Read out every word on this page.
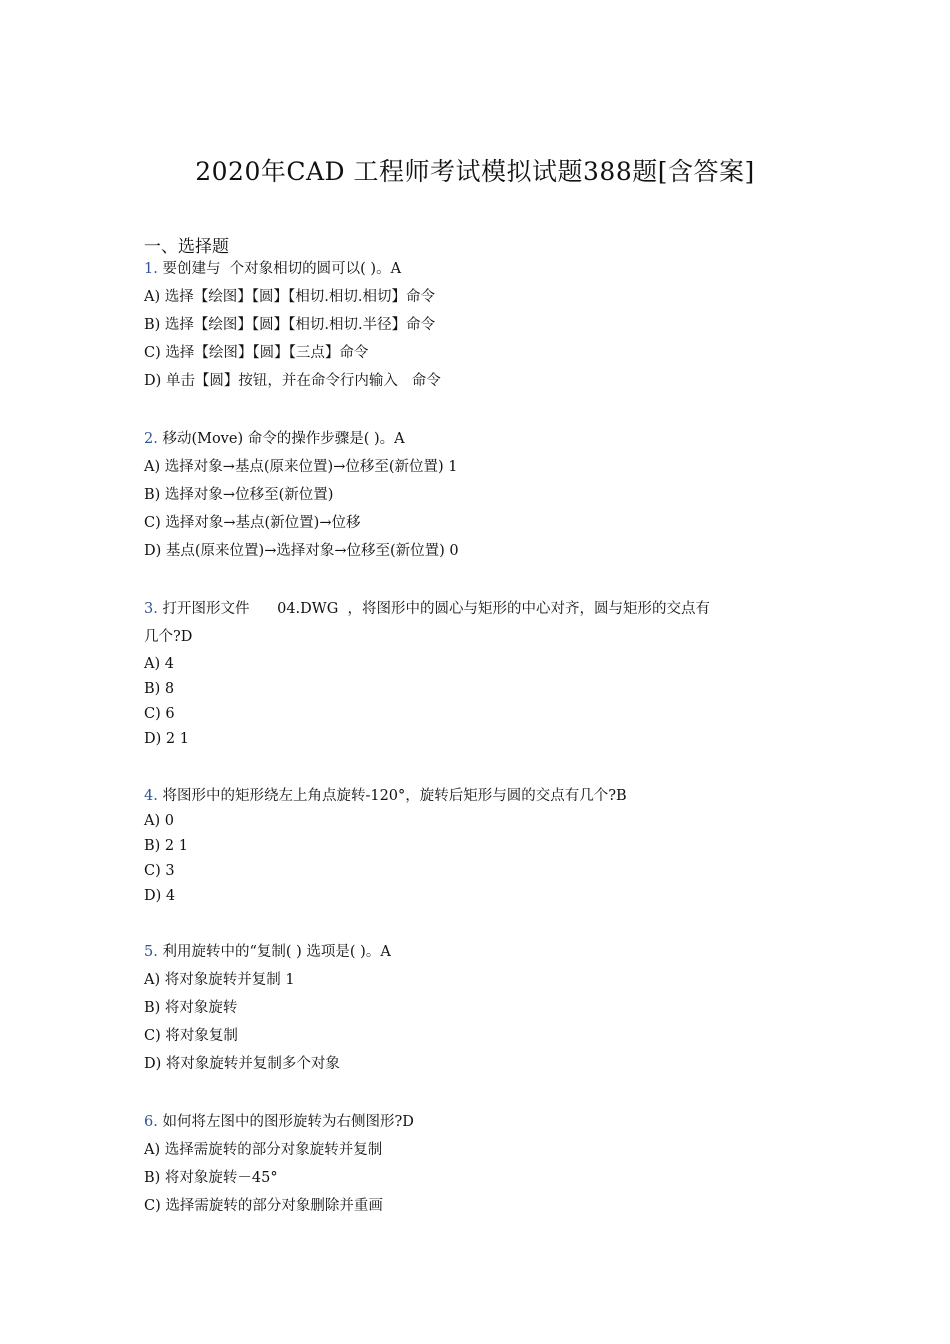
2020年CAD 工程师考试模拟试题388题[含答案]
一、选择题
1. 要创建与  个对象相切的圆可以( )。A
A) 选择【绘图】【圆】【相切.相切.相切】命令
B) 选择【绘图】【圆】【相切.相切.半径】命令
C) 选择【绘图】【圆】【三点】命令
D) 单击【圆】按钮，并在命令行内输入   命令
2. 移动(Move) 命令的操作步骤是( )。A
A) 选择对象→基点(原来位置)→位移至(新位置) 1
B) 选择对象→位移至(新位置)
C) 选择对象→基点(新位置)→位移
D) 基点(原来位置)→选择对象→位移至(新位置) 0
3. 打开图形文件      04.DWG  ，将图形中的圆心与矩形的中心对齐，圆与矩形的交点有
几个?D
A) 4
B) 8
C) 6
D) 2 1
4. 将图形中的矩形绕左上角点旋转-120°，旋转后矩形与圆的交点有几个?B
A) 0
B) 2 1
C) 3
D) 4
5. 利用旋转中的“复制( ) 选项是( )。A
A) 将对象旋转并复制 1
B) 将对象旋转
C) 将对象复制
D) 将对象旋转并复制多个对象
6. 如何将左图中的图形旋转为右侧图形?D
A) 选择需旋转的部分对象旋转并复制
B) 将对象旋转－45°
C) 选择需旋转的部分对象删除并重画
